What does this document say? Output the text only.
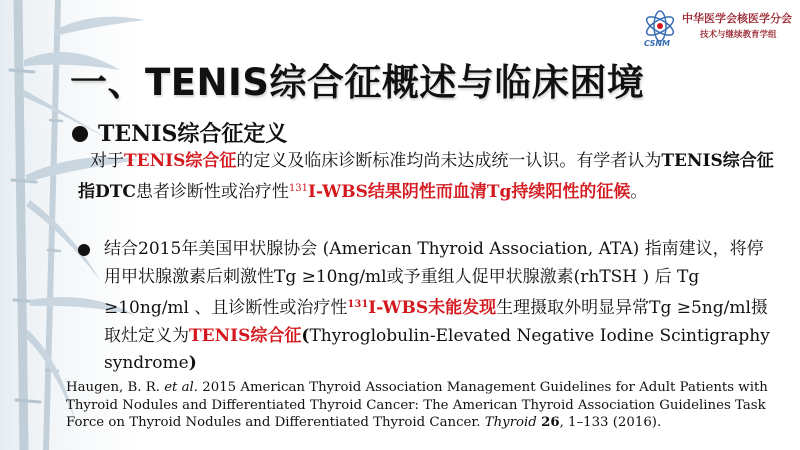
CSNM
中华医学会核医学分会
技术与继续教育学组
一、TENIS综合征概述与临床困境
TENIS综合征定义
对于TENIS综合征的定义及临床诊断标准均尚未达成统一认识。有学者认为TENIS综合征指DTC患者诊断性或治疗性$^{131}$I-WBS结果阴性而血清Tg持续阳性的征候。
结合2015年美国甲状腺协会 (American Thyroid Association, ATA) 指南建议，将停用甲状腺激素后刺激性Tg ≥10ng/ml或予重组人促甲状腺激素(rhTSH ) 后 Tg ≥10ng/ml 、且诊断性或治疗性$^{131}$I-WBS未能发现生理摄取外明显异常Tg ≥5ng/ml摄取灶定义为TENIS综合征(Thyroglobulin-Elevated Negative Iodine Scintigraphy syndrome)
Haugen, B. R. et al. 2015 American Thyroid Association Management Guidelines for Adult Patients with Thyroid Nodules and Differentiated Thyroid Cancer: The American Thyroid Association Guidelines Task Force on Thyroid Nodules and Differentiated Thyroid Cancer. Thyroid 26, 1–133 (2016).
